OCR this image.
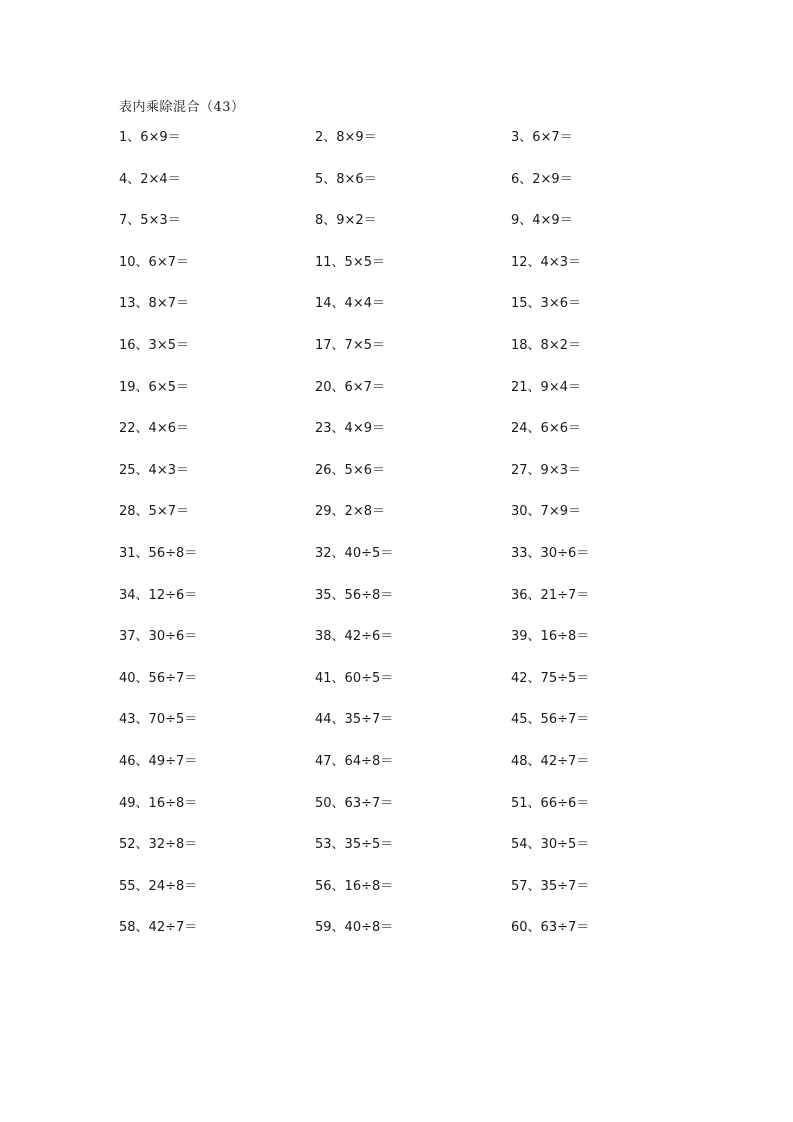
表内乘除混合（43）
1、6×9＝	2、8×9＝	3、6×7＝
4、2×4＝	5、8×6＝	6、2×9＝
7、5×3＝	8、9×2＝	9、4×9＝
10、6×7＝	11、5×5＝	12、4×3＝
13、8×7＝	14、4×4＝	15、3×6＝
16、3×5＝	17、7×5＝	18、8×2＝
19、6×5＝	20、6×7＝	21、9×4＝
22、4×6＝	23、4×9＝	24、6×6＝
25、4×3＝	26、5×6＝	27、9×3＝
28、5×7＝	29、2×8＝	30、7×9＝
31、56÷8＝	32、40÷5＝	33、30÷6＝
34、12÷6＝	35、56÷8＝	36、21÷7＝
37、30÷6＝	38、42÷6＝	39、16÷8＝
40、56÷7＝	41、60÷5＝	42、75÷5＝
43、70÷5＝	44、35÷7＝	45、56÷7＝
46、49÷7＝	47、64÷8＝	48、42÷7＝
49、16÷8＝	50、63÷7＝	51、66÷6＝
52、32÷8＝	53、35÷5＝	54、30÷5＝
55、24÷8＝	56、16÷8＝	57、35÷7＝
58、42÷7＝	59、40÷8＝	60、63÷7＝
